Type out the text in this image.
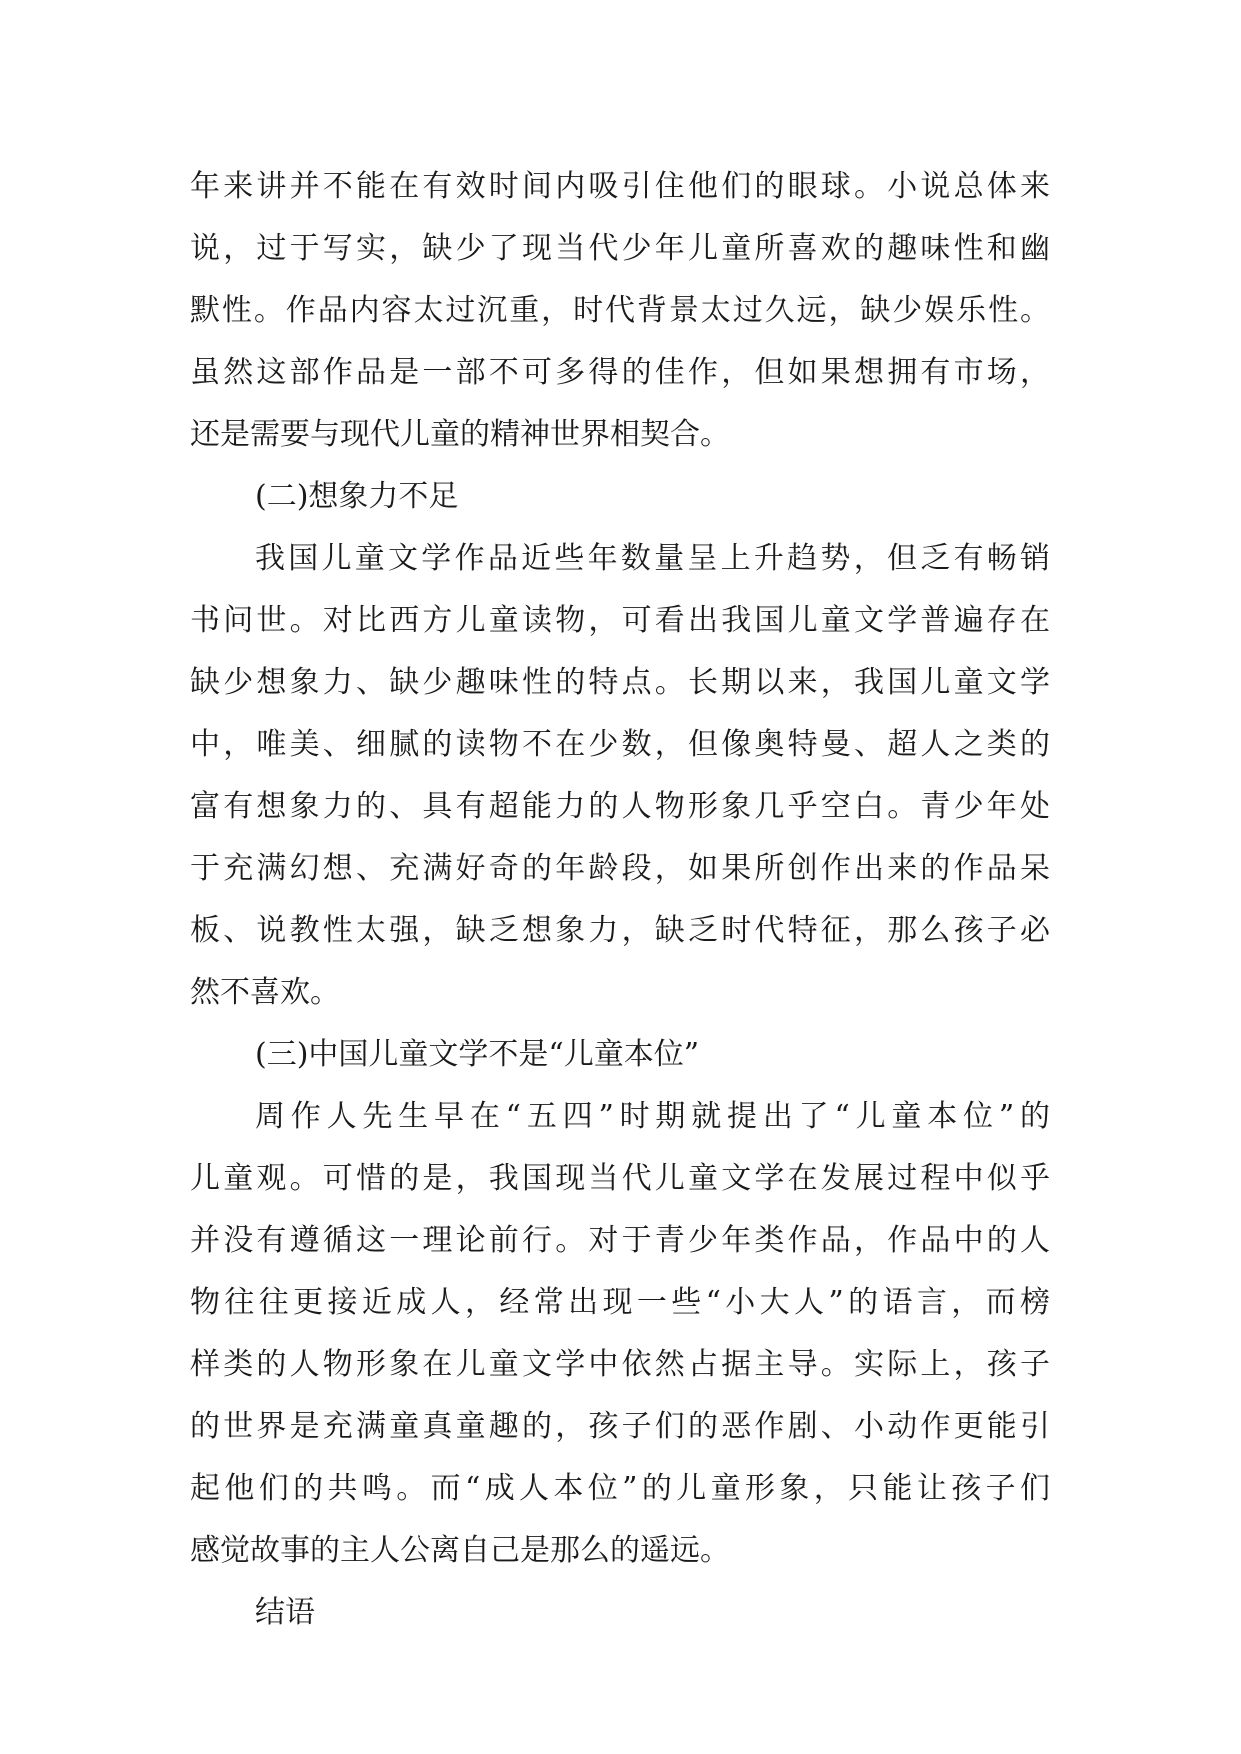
年来讲并不能在有效时间内吸引住他们的眼球。小说总体来
说，过于写实，缺少了现当代少年儿童所喜欢的趣味性和幽
默性。作品内容太过沉重，时代背景太过久远，缺少娱乐性。
虽然这部作品是一部不可多得的佳作，但如果想拥有市场，
还是需要与现代儿童的精神世界相契合。
(二)想象力不足
我国儿童文学作品近些年数量呈上升趋势，但乏有畅销
书问世。对比西方儿童读物，可看出我国儿童文学普遍存在
缺少想象力、缺少趣味性的特点。长期以来，我国儿童文学
中，唯美、细腻的读物不在少数，但像奥特曼、超人之类的
富有想象力的、具有超能力的人物形象几乎空白。青少年处
于充满幻想、充满好奇的年龄段，如果所创作出来的作品呆
板、说教性太强，缺乏想象力，缺乏时代特征，那么孩子必
然不喜欢。
(三)中国儿童文学不是“儿童本位”
周作人先生早在“五四”时期就提出了“儿童本位”的
儿童观。可惜的是，我国现当代儿童文学在发展过程中似乎
并没有遵循这一理论前行。对于青少年类作品，作品中的人
物往往更接近成人，经常出现一些“小大人”的语言，而榜
样类的人物形象在儿童文学中依然占据主导。实际上，孩子
的世界是充满童真童趣的，孩子们的恶作剧、小动作更能引
起他们的共鸣。而“成人本位”的儿童形象，只能让孩子们
感觉故事的主人公离自己是那么的遥远。
结语
